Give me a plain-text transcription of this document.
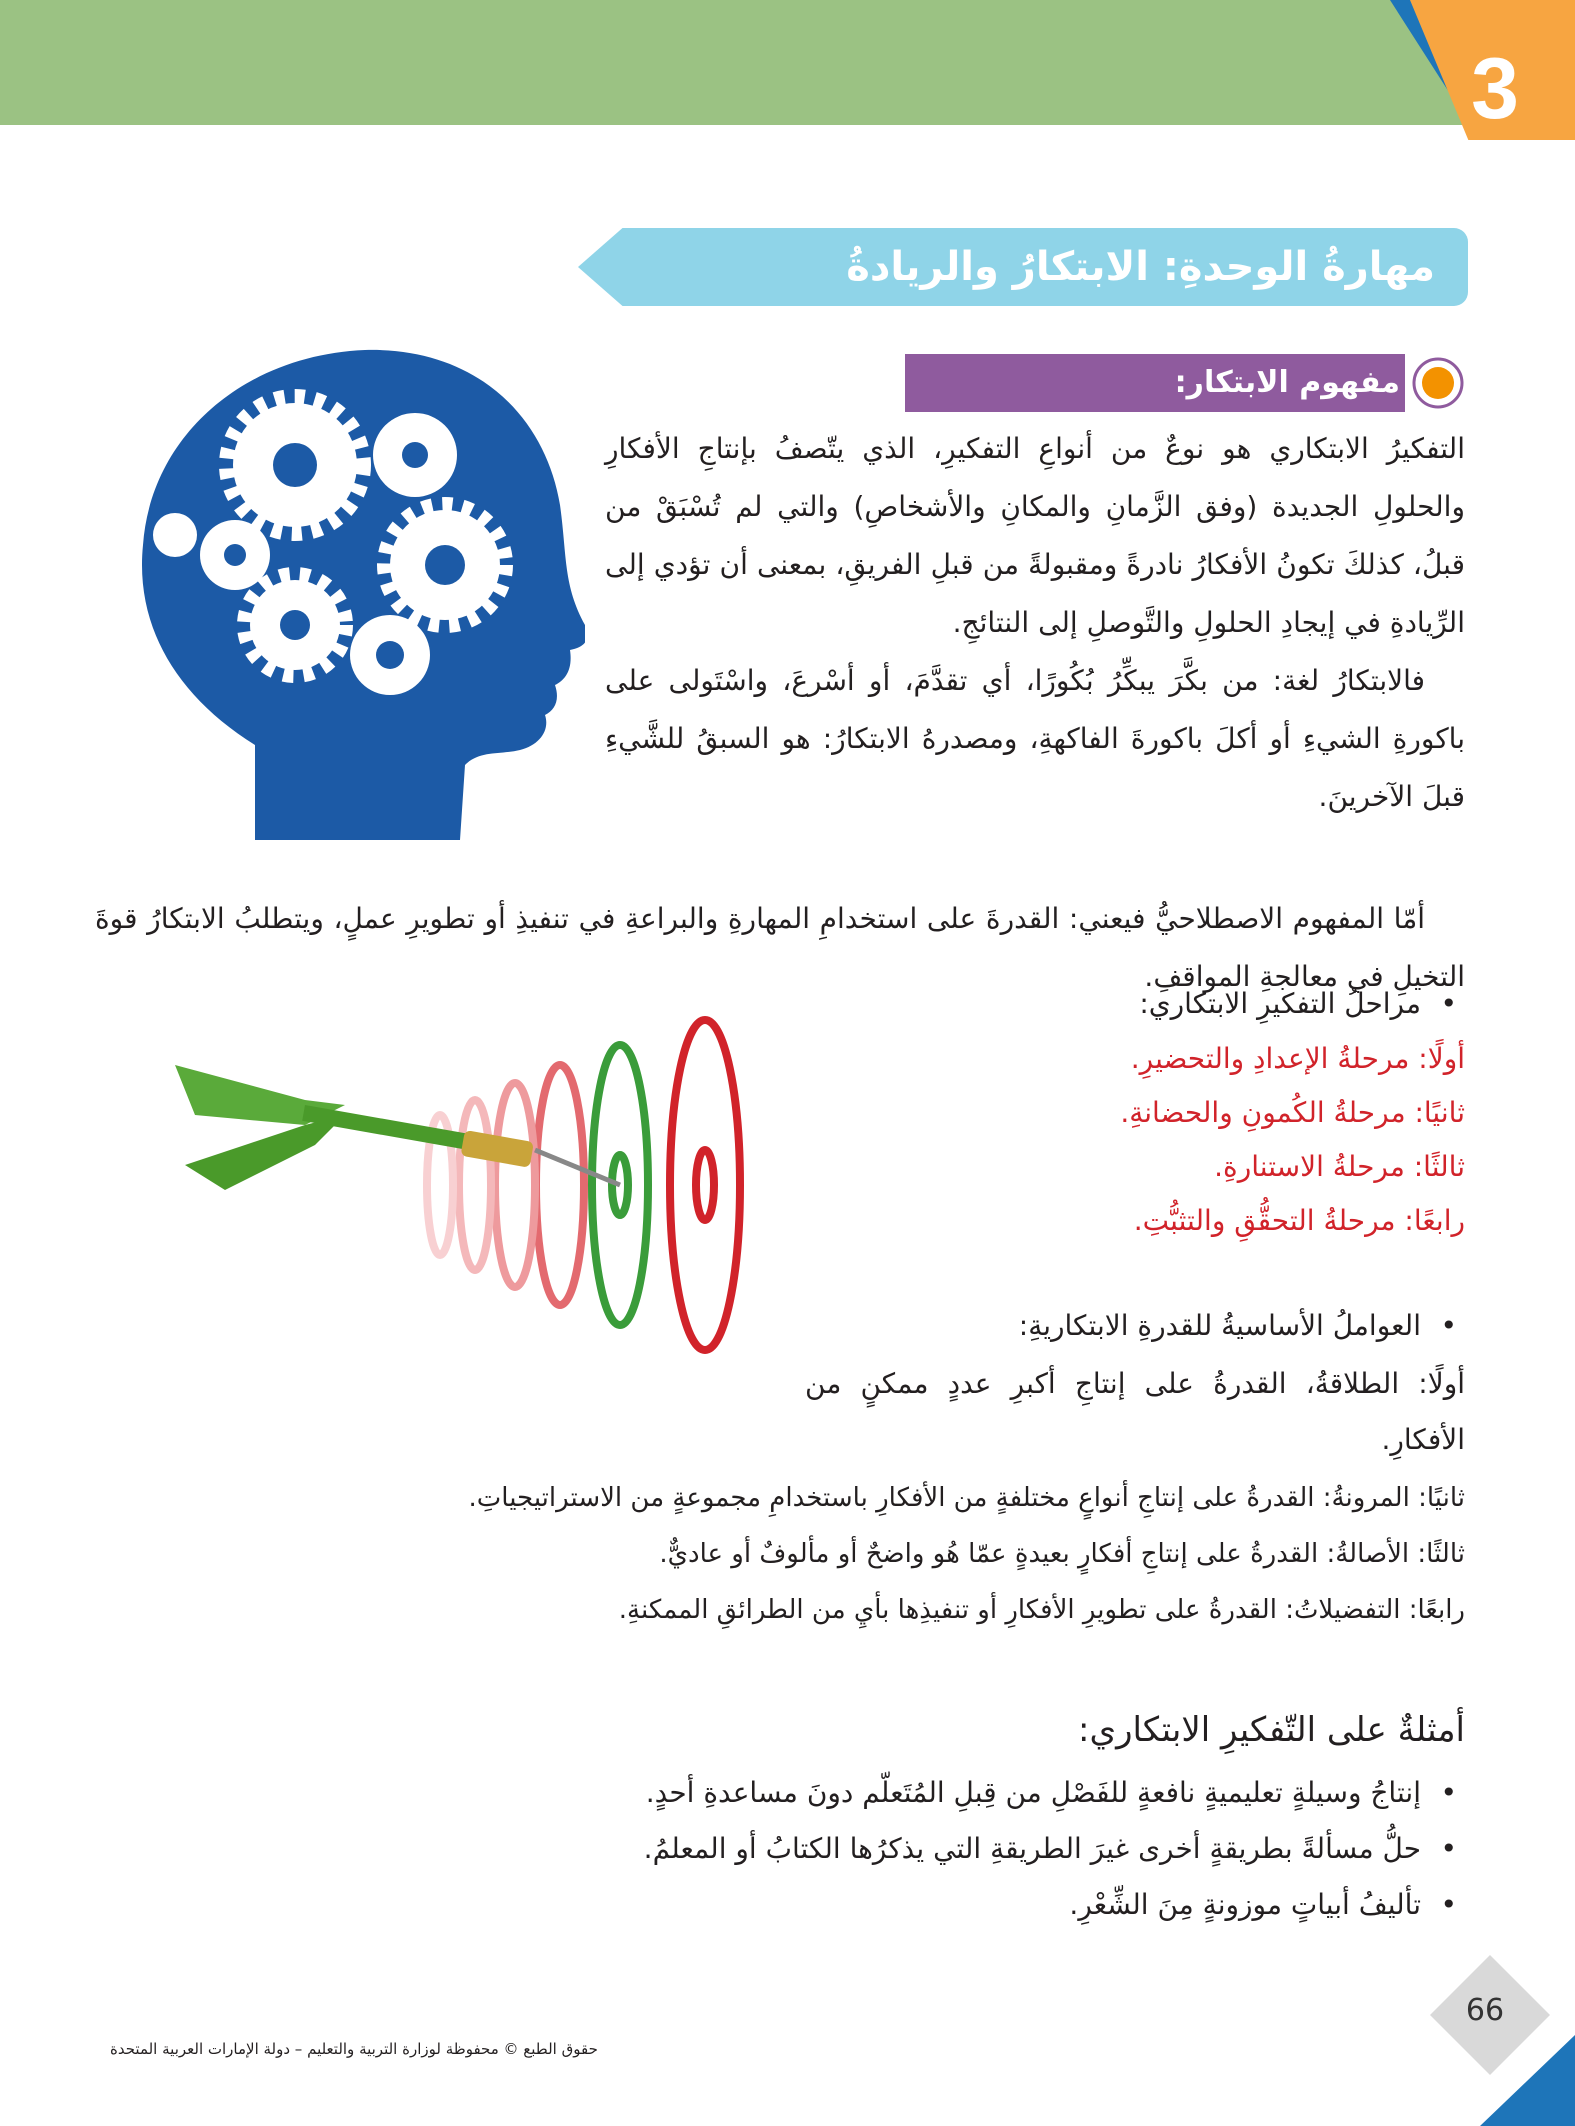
3
مهارةُ الوحدةِ: الابتكارُ والريادةُ
مفهوم الابتكار:

التفكيرُ الابتكاري هو نوعٌ من أنواعِ التفكيرِ، الذي يتّصفُ بإنتاجِ الأفكارِ والحلولِ الجديدة (وفق الزَّمانِ والمكانِ والأشخاصِ) والتي لم تُسْبَقْ من قبلُ، كذلكَ تكونُ الأفكارُ نادرةً ومقبولةً من قبلِ الفريقِ، بمعنى أن تؤدي إلى الرِّيادةِ في إيجادِ الحلولِ والتَّوصلِ إلى النتائجِ.

فالابتكارُ لغة: من بكَّرَ يبكِّرُ بُكُورًا، أي تقدَّمَ، أو أسْرعَ، واسْتَولى على باكورةِ الشيءِ أو أكلَ باكورةَ الفاكهةِ، ومصدرهُ الابتكارُ: هو السبقُ للشَّيءِ قبلَ الآخرينَ.

أمّا المفهوم الاصطلاحيُّ فيعني: القدرةَ على استخدامِ المهارةِ والبراعةِ في تنفيذِ أو تطويرِ عملٍ، ويتطلبُ الابتكارُ قوةَ التخيلِ في معالجةِ المواقفِ.

• مراحلُ التفكيرِ الابتكاري:

أولًا: مرحلةُ الإعدادِ والتحضيرِ.

ثانيًا: مرحلةُ الكُمونِ والحضانةِ.

ثالثًا: مرحلةُ الاستنارةِ.

رابعًا: مرحلةُ التحقُّقِ والتثبُّتِ.

• العواملُ الأساسيةُ للقدرةِ الابتكاريةِ:

أولًا: الطلاقةُ، القدرةُ على إنتاجِ أكبرِ عددٍ ممكنٍ من

الأفكارِ.

ثانيًا: المرونةُ: القدرةُ على إنتاجِ أنواعٍ مختلفةٍ من الأفكارِ باستخدامِ مجموعةٍ من الاستراتيجياتِ.

ثالثًا: الأصالةُ: القدرةُ على إنتاجِ أفكارٍ بعيدةٍ عمّا هُو واضحٌ أو مألوفٌ أو عاديٌّ.

رابعًا: التفضيلاتُ: القدرةُ على تطويرِ الأفكارِ أو تنفيذِها بأيِ من الطرائقِ الممكنةِ.

أمثلةٌ على التّفكيرِ الابتكاري:

• إنتاجُ وسيلةٍ تعليميةٍ نافعةٍ للفَصْلِ من قِبلِ المُتَعلّم دونَ مساعدةِ أحدٍ.
• حلُّ مسألةً بطريقةٍ أخرى غيرَ الطريقةِ التي يذكرُها الكتابُ أو المعلمُ.
• تأليفُ أبياتٍ موزونةٍ مِنَ الشِّعْرِ.
حقوق الطبع © محفوظة لوزارة التربية والتعليم – دولة الإمارات العربية المتحدة
66
